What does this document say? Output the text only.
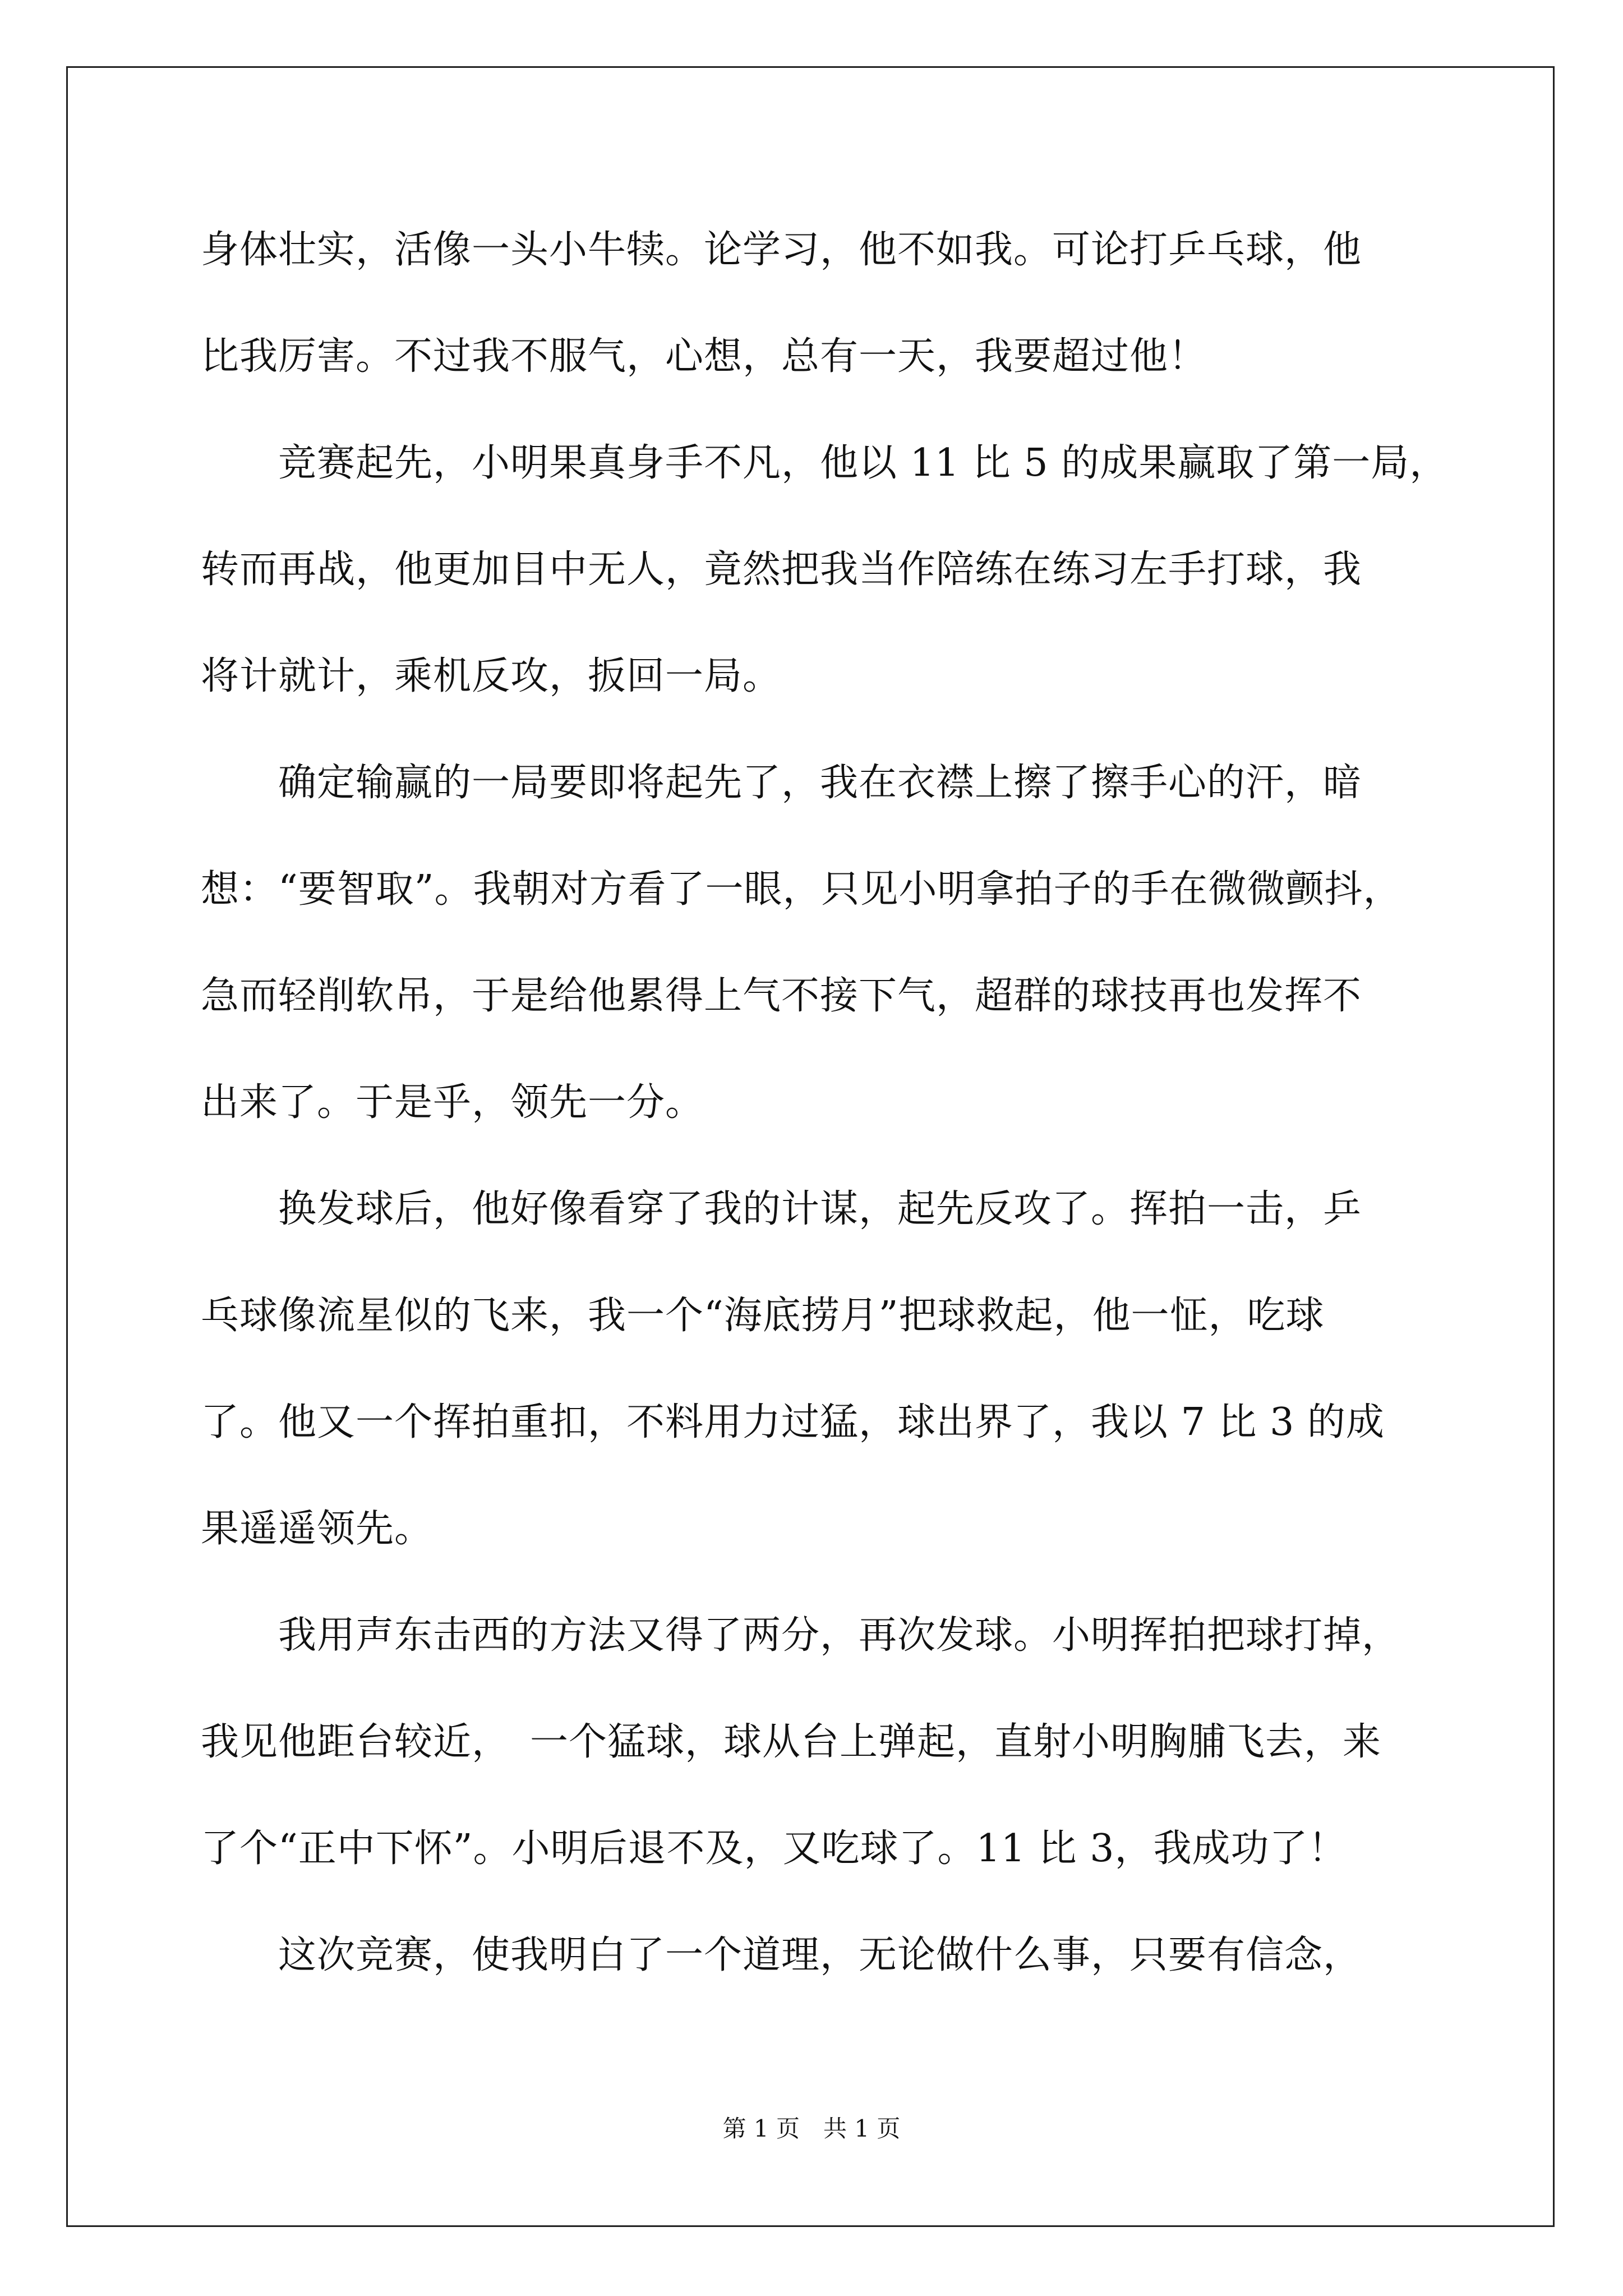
身体壮实，活像一头小牛犊。论学习，他不如我。可论打乒乓球，他
比我厉害。不过我不服气，心想，总有一天，我要超过他！
　　竞赛起先，小明果真身手不凡，他以 11 比 5 的成果赢取了第一局，
转而再战，他更加目中无人，竟然把我当作陪练在练习左手打球，我
将计就计，乘机反攻，扳回一局。
　　确定输赢的一局要即将起先了，我在衣襟上擦了擦手心的汗，暗
想：“要智取”。我朝对方看了一眼，只见小明拿拍子的手在微微颤抖，
急而轻削软吊，于是给他累得上气不接下气，超群的球技再也发挥不
出来了。于是乎，领先一分。
　　换发球后，他好像看穿了我的计谋，起先反攻了。挥拍一击，乒
乓球像流星似的飞来，我一个“海底捞月”把球救起，他一怔，吃球
了。他又一个挥拍重扣，不料用力过猛，球出界了，我以 7 比 3 的成
果遥遥领先。
　　我用声东击西的方法又得了两分，再次发球。小明挥拍把球打掉，
我见他距台较近，　一个猛球，球从台上弹起，直射小明胸脯飞去，来
了个“正中下怀”。小明后退不及，又吃球了。11 比 3，我成功了！
　　这次竞赛，使我明白了一个道理，无论做什么事，只要有信念，
第 1 页　共 1 页
